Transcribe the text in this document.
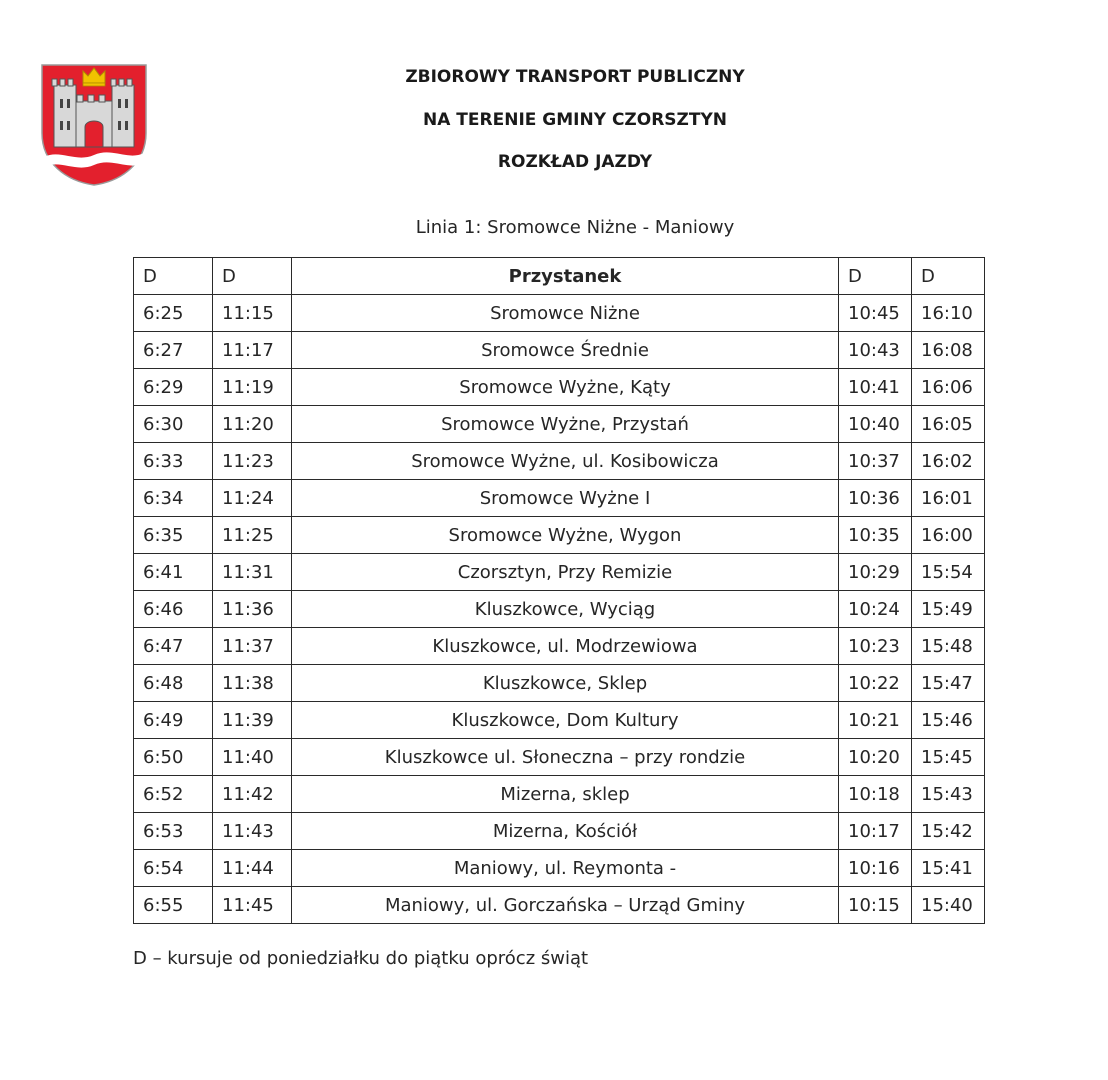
ZBIOROWY TRANSPORT PUBLICZNY
NA TERENIE GMINY CZORSZTYN
ROZKŁAD JAZDY
Linia 1: Sromowce Niżne - Maniowy
D	D	Przystanek	D	D
6:25	11:15	Sromowce Niżne	10:45	16:10
6:27	11:17	Sromowce Średnie	10:43	16:08
6:29	11:19	Sromowce Wyżne, Kąty	10:41	16:06
6:30	11:20	Sromowce Wyżne, Przystań	10:40	16:05
6:33	11:23	Sromowce Wyżne, ul. Kosibowicza	10:37	16:02
6:34	11:24	Sromowce Wyżne I	10:36	16:01
6:35	11:25	Sromowce Wyżne, Wygon	10:35	16:00
6:41	11:31	Czorsztyn, Przy Remizie	10:29	15:54
6:46	11:36	Kluszkowce, Wyciąg	10:24	15:49
6:47	11:37	Kluszkowce, ul. Modrzewiowa	10:23	15:48
6:48	11:38	Kluszkowce, Sklep	10:22	15:47
6:49	11:39	Kluszkowce, Dom Kultury	10:21	15:46
6:50	11:40	Kluszkowce ul. Słoneczna – przy rondzie	10:20	15:45
6:52	11:42	Mizerna, sklep	10:18	15:43
6:53	11:43	Mizerna, Kościół	10:17	15:42
6:54	11:44	Maniowy, ul. Reymonta -	10:16	15:41
6:55	11:45	Maniowy, ul. Gorczańska – Urząd Gminy	10:15	15:40
D – kursuje od poniedziałku do piątku oprócz świąt
